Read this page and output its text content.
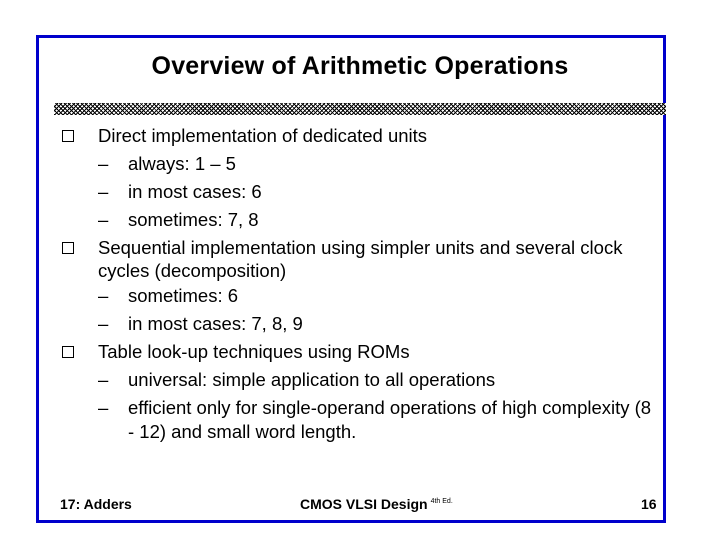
Overview of Arithmetic Operations
Direct implementation of dedicated units
– always: 1 – 5
– in most cases: 6
– sometimes: 7, 8
Sequential implementation using simpler units and several clock cycles (decomposition)
– sometimes: 6
– in most cases: 7, 8, 9
Table look-up techniques using ROMs
– universal: simple application to all operations
– efficient only for single-operand operations of high complexity (8 - 12) and small word length.
17: Adders	CMOS VLSI Design $^{4th Ed.}$	16
